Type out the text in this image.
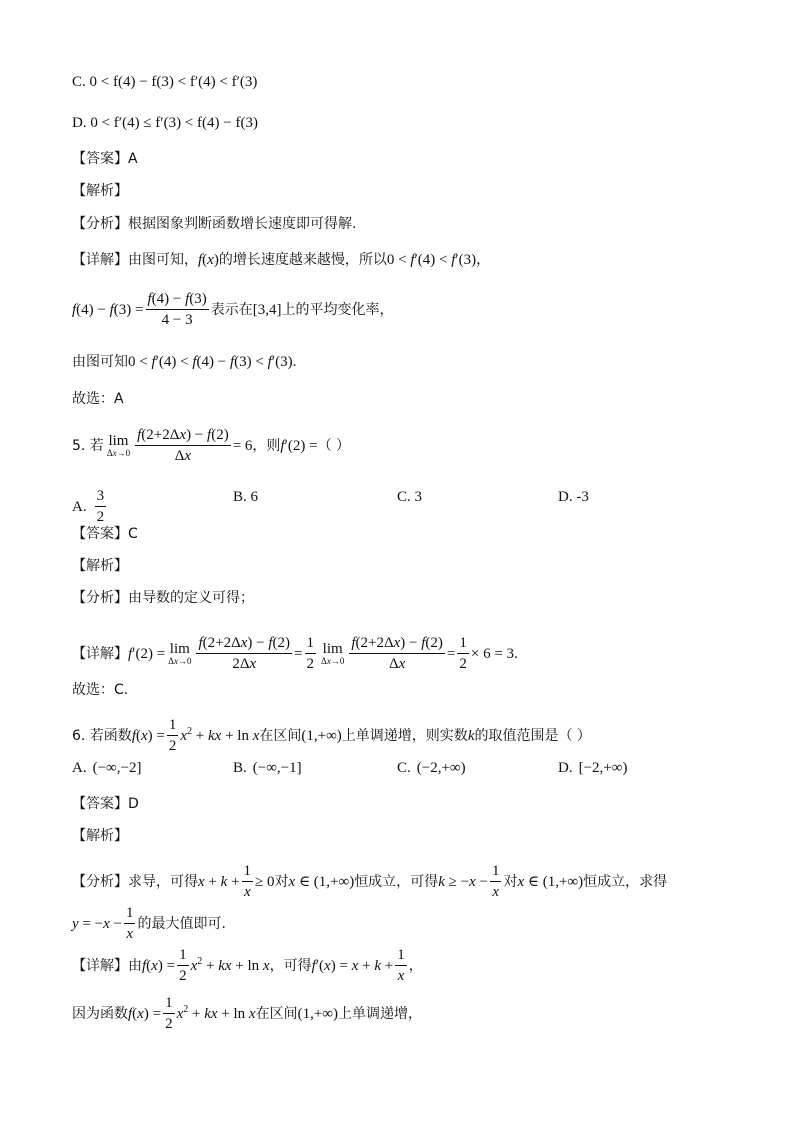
C. 0 < f(4) − f(3) < f′(4) < f′(3)
D. 0 < f′(4) ≤ f′(3) < f(4) − f(3)
【答案】A
【解析】
【分析】根据图象判断函数增长速度即可得解.
【详解】由图可知， f(x) 的增长速度越来越慢，所以 0 < f′(4) < f′(3) ，
$f(4) - f(3) = \frac{f(4) - f(3)}{4 - 3}$ 表示在 [3,4] 上的平均变化率，
由图可知 0 < f′(4) < f(4) − f(3) < f′(3).
故选：A
5. 若 lim
$\Delta x\to 0 \frac{f(2+2\Delta x) - f(2)}{\Delta x} = 6$ ，则 f′(2) = （ ）
A. $\frac{3}{2}$	B. 6	C. 3	D. -3
【答案】C
【解析】
【分析】由导数的定义可得；
【详解】 f′(2) = lim
$\Delta x\to 0 \frac{f(2+2\Delta x) - f(2)}{2\Delta x} = \frac{1}{2}$ lim
$\Delta x\to 0 \frac{f(2+2\Delta x) - f(2)}{\Delta x} = \frac{1}{2} \times 6 = 3$.
故选：C.
6. 若函数 $f(x) = \frac{1}{2} x^2$ + kx + ln x 在区间 (1,+∞) 上单调递增，则实数 k 的取值范围是（ ）
A. (−∞,−2]	B. (−∞,−1]	C. (−2,+∞)	D. [−2,+∞)
【答案】D
【解析】
【分析】求导，可得 $x + k + \frac{1}{x} \ge 0$ 对 x ∈ (1,+∞) 恒成立，可得 $k \ge -x - \frac{1}{x}$ 对 x ∈ (1,+∞) 恒成立，求得
$y = -x - \frac{1}{x}$ 的最大值即可.
【详解】由 $f(x) = \frac{1}{2} x^2$ + kx + ln x ，可得 $f'(x) = x + k + \frac{1}{x}$ ，
因为函数 $f(x) = \frac{1}{2} x^2$ + kx + ln x 在区间 (1,+∞) 上单调递增，
